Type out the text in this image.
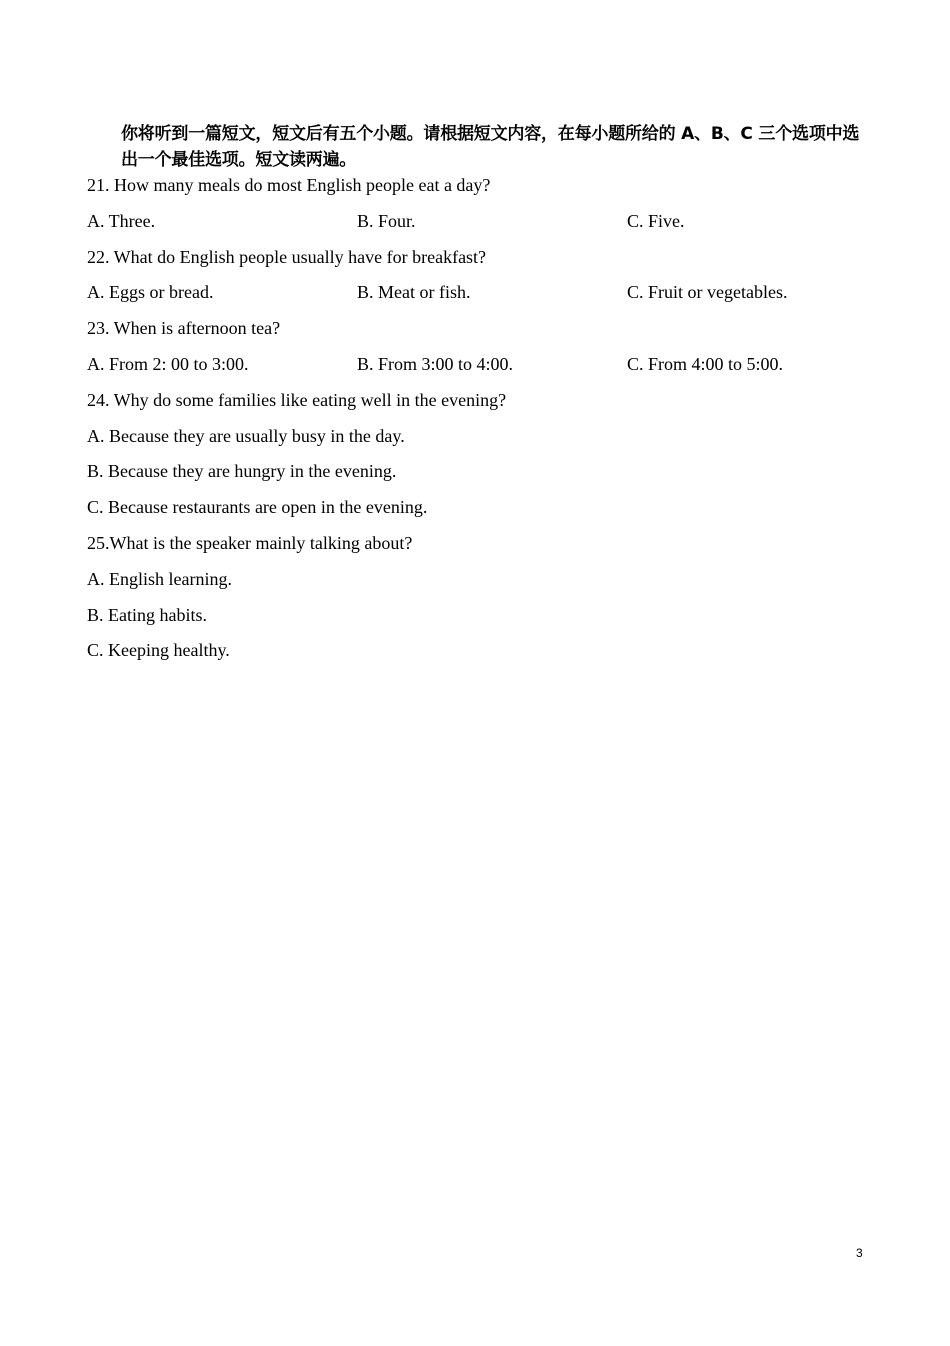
你将听到一篇短文，短文后有五个小题。请根据短文内容，在每小题所给的 A、B、C 三个选项中选出一个最佳选项。短文读两遍。
21. How many meals do most English people eat a day?
A. Three.	B. Four.	C. Five.
22. What do English people usually have for breakfast?
A. Eggs or bread.	B. Meat or fish.	C. Fruit or vegetables.
23. When is afternoon tea?
A. From 2: 00 to 3:00.	B. From 3:00 to 4:00.	C. From 4:00 to 5:00.
24. Why do some families like eating well in the evening?
A. Because they are usually busy in the day.
B. Because they are hungry in the evening.
C. Because restaurants are open in the evening.
25.What is the speaker mainly talking about?
A. English learning.
B. Eating habits.
C. Keeping healthy.
3
